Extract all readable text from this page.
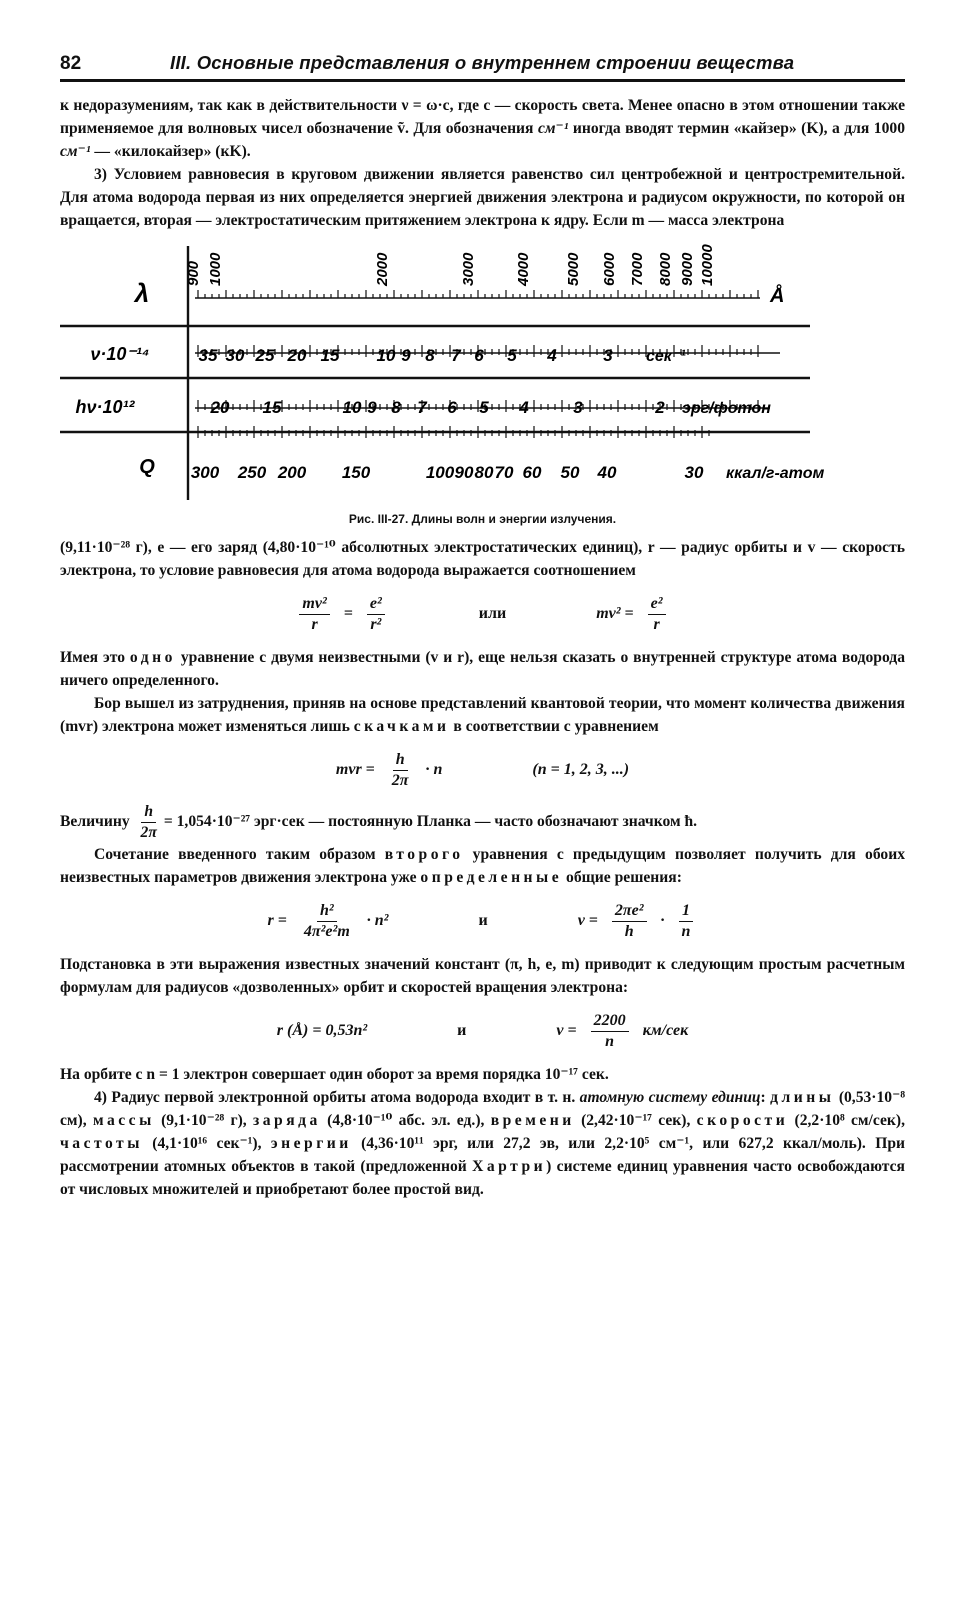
82	III. Основные представления о внутреннем строении вещества

к недоразумениям, так как в действительности ν = ω·c, где c — скорость света. Менее опасно в этом отношении также применяемое для волновых чисел обозначение ṽ. Для обозначения см⁻¹ иногда вводят термин «кайзер» (K), а для 1000 см⁻¹ — «килокайзер» (кK).

3) Условием равновесия в круговом движении является равенство сил центробежной и центростремительной. Для атома водорода первая из них определяется энергией движения электрона и радиусом окружности, по которой он вращается, вторая — электростатическим притяжением электрона к ядру. Если m — масса электрона

λ
900 1000	2000	3000	4000 5000 6000 7000 8000 9000 10000
Å
ν·10⁻¹⁴	35 30 25 20 15 10 9 8 7 6 5 4	3 сек⁻¹
hν·10¹²	20 15	10 9 8 7 6 5 4	3	2 эрг/фотон
Q 300 250 200 150	100 90 80 70 60 50 40	30 ккал/г-атом
Рис. III-27. Длины волн и энергии излучения.

(9,11·10⁻²⁸ г), e — его заряд (4,80·10⁻¹⁰ абсолютных электростатических единиц), r — радиус орбиты и v — скорость электрона, то условие равновесия для атома водорода выражается соотношением

$\frac{\text{mv²}}{r} = \frac{\text{e²}}{\text{r²}}$	или	$mv^2 = \frac{\text{e²}}{r}$

Имея это одно уравнение с двумя неизвестными (v и r), еще нельзя сказать о внутренней структуре атома водорода ничего определенного.

Бор вышел из затруднения, приняв на основе представлений квантовой теории, что момент количества движения (mvr) электрона может изменяться лишь скачками в соответствии с уравнением

mvr = $\frac{h}{2\pi} \cdot n$	(n = 1, 2, 3, ...)

Величину $\frac{h}{2\pi} = 1,054\cdot 10^{-27}$ эрг·сек — постоянную Планка — часто обозначают значком ħ.

Сочетание введенного таким образом второго уравнения с предыдущим позволяет получить для обоих неизвестных параметров движения электрона уже определенные общие решения:

$r = \frac{\text{h²}}{\text{4π²e²m}} \cdot n^2$	и	$v = \frac{\text{2πe²}}{h} \cdot \frac{1}{n}$

Подстановка в эти выражения известных значений констант (π, h, e, m) приводит к следующим простым расчетным формулам для радиусов «дозволенных» орбит и скоростей вращения электрона:

r (Å) = 0,53n²	и	$v = \frac{2200}{n} км/сек$

На орбите с n = 1 электрон совершает один оборот за время порядка 10⁻¹⁷ сек.

4) Радиус первой электронной орбиты атома водорода входит в т. н. атомную систему единиц: длины (0,53·10⁻⁸ см), массы (9,1·10⁻²⁸ г), заряда (4,8·10⁻¹⁰ абс. эл. ед.), времени (2,42·10⁻¹⁷ сек), скорости (2,2·10⁸ см/сек), частоты (4,1·10¹⁶ сек⁻¹), энергии (4,36·10¹¹ эрг, или 27,2 эв, или 2,2·10⁵ см⁻¹, или 627,2 ккал/моль). При рассмотрении атомных объектов в такой (предложенной Хартри) системе единиц уравнения часто освобождаются от числовых множителей и приобретают более простой вид.
